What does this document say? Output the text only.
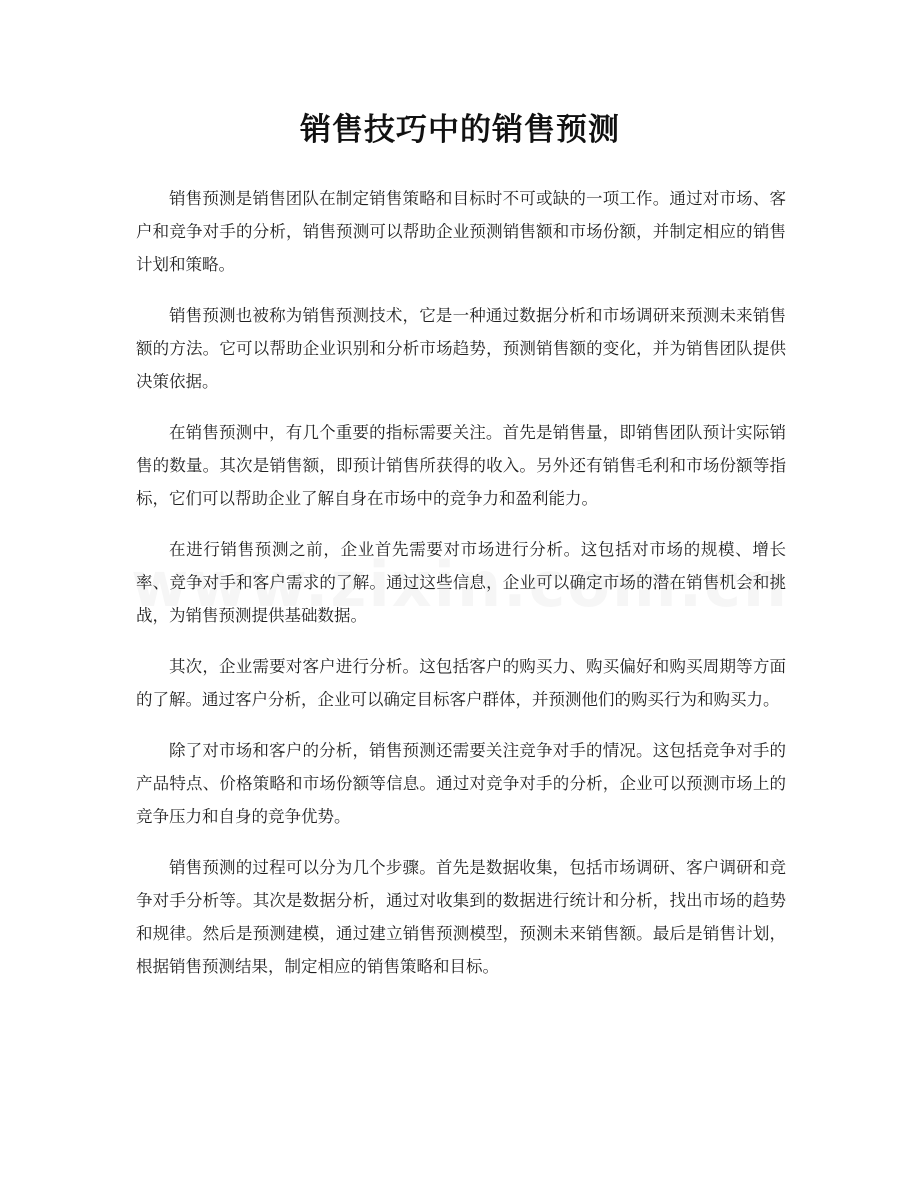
销售技巧中的销售预测

销售预测是销售团队在制定销售策略和目标时不可或缺的一项工作。通过对市场、客户和竞争对手的分析，销售预测可以帮助企业预测销售额和市场份额，并制定相应的销售计划和策略。

销售预测也被称为销售预测技术，它是一种通过数据分析和市场调研来预测未来销售额的方法。它可以帮助企业识别和分析市场趋势，预测销售额的变化，并为销售团队提供决策依据。

在销售预测中，有几个重要的指标需要关注。首先是销售量，即销售团队预计实际销售的数量。其次是销售额，即预计销售所获得的收入。另外还有销售毛利和市场份额等指标，它们可以帮助企业了解自身在市场中的竞争力和盈利能力。

在进行销售预测之前，企业首先需要对市场进行分析。这包括对市场的规模、增长率、竞争对手和客户需求的了解。通过这些信息，企业可以确定市场的潜在销售机会和挑战，为销售预测提供基础数据。

其次，企业需要对客户进行分析。这包括客户的购买力、购买偏好和购买周期等方面的了解。通过客户分析，企业可以确定目标客户群体，并预测他们的购买行为和购买力。

除了对市场和客户的分析，销售预测还需要关注竞争对手的情况。这包括竞争对手的产品特点、价格策略和市场份额等信息。通过对竞争对手的分析，企业可以预测市场上的竞争压力和自身的竞争优势。

销售预测的过程可以分为几个步骤。首先是数据收集，包括市场调研、客户调研和竞争对手分析等。其次是数据分析，通过对收集到的数据进行统计和分析，找出市场的趋势和规律。然后是预测建模，通过建立销售预测模型，预测未来销售额。最后是销售计划，根据销售预测结果，制定相应的销售策略和目标。
